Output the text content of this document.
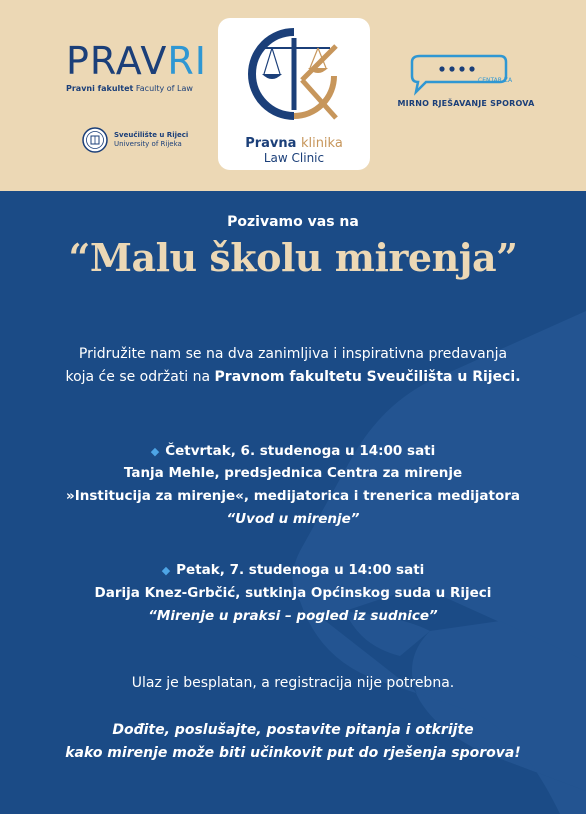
PRAV RI
Pravni fakultet Faculty of Law
Sveučilište u Rijeci
University of Rijeka	Pravna klinika
Law Clinic
CENTAR ZA
MIRNO RJEŠAVANJE SPOROVA
Pozivamo vas na
“Malu školu mirenja”
Pridružite nam se na dva zanimljiva i inspirativna predavanja
koja će se održati na Pravnom fakultetu Sveučilišta u Rijeci.
◆ Četvrtak, 6. studenoga u 14:00 sati
Tanja Mehle, predsjednica Centra za mirenje
»Institucija za mirenje«, medijatorica i trenerica medijatora
“Uvod u mirenje”
◆ Petak, 7. studenoga u 14:00 sati
Darija Knez-Grbčić, sutkinja Općinskog suda u Rijeci
“Mirenje u praksi – pogled iz sudnice”
Ulaz je besplatan, a registracija nije potrebna.
Dođite, poslušajte, postavite pitanja i otkrijte
kako mirenje može biti učinkovit put do rješenja sporova!
